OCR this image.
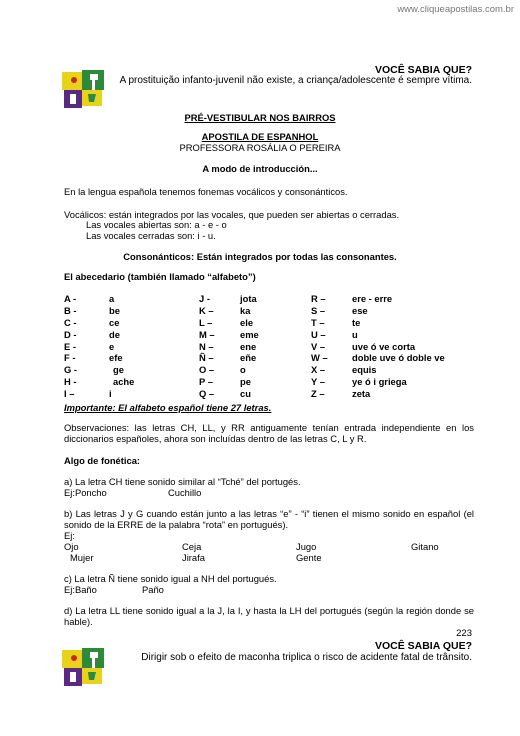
www.cliqueapostilas.com.br
VOCÊ SABIA QUE?
A prostituição infanto-juvenil não existe, a criança/adolescente é sempre vítima.
PRÉ-VESTIBULAR NOS BAIRROS
APOSTILA DE ESPANHOL
PROFESSORA ROSÁLIA O PEREIRA
A modo de introducción...
En la lengua española tenemos fonemas vocálicos y consonánticos.
Vocálicos: están integrados por las vocales, que pueden ser abiertas o cerradas.
Las vocales abiertas son: a - e - o
Las vocales cerradas son: i - u.
Consonánticos: Están integrados por todas las consonantes.
El abecedario (también llamado “alfabeto”)
A -	a	J -	jota	R –	ere - erre
B -	be	K –	ka	S –	ese
C -	ce	L –	ele	T –	te
D -	de	M –	eme	U –	u
E -	e	N –	ene	V –	uve ó ve corta
F -	efe	Ñ –	eñe	W –	doble uve ó doble ve
G -	ge	O –	o	X –	equis
H -	ache	P –	pe	Y –	ye ó i griega
I –	i	Q –	cu	Z –	zeta
Importante: El alfabeto español tiene 27 letras.
Observaciones: las letras CH, LL, y RR antiguamente tenían entrada independiente en los diccionarios españoles, ahora son incluídas dentro de las letras C, L y R.
Algo de fonética:
a) La letra CH tiene sonido similar al “Tché” del portugés.
Ej:Poncho	Cuchillo
b) Las letras J y G cuando están junto a las letras “e” - “i” tienen el mismo sonido en español (el sonido de la ERRE de la palabra “rota” en portugués).
Ej:
Ojo	Ceja	Jugo	Gitano
Mujer	Jirafa	Gente
c) La letra Ñ tiene sonido igual a NH del portugués.
Ej:Baño	Paño
d) La letra LL tiene sonido igual a la J, la I, y hasta la LH del portugués (según la región donde se hable).
223
VOCÊ SABIA QUE?
Dirigir sob o efeito de maconha triplica o risco de acidente fatal de trânsito.
